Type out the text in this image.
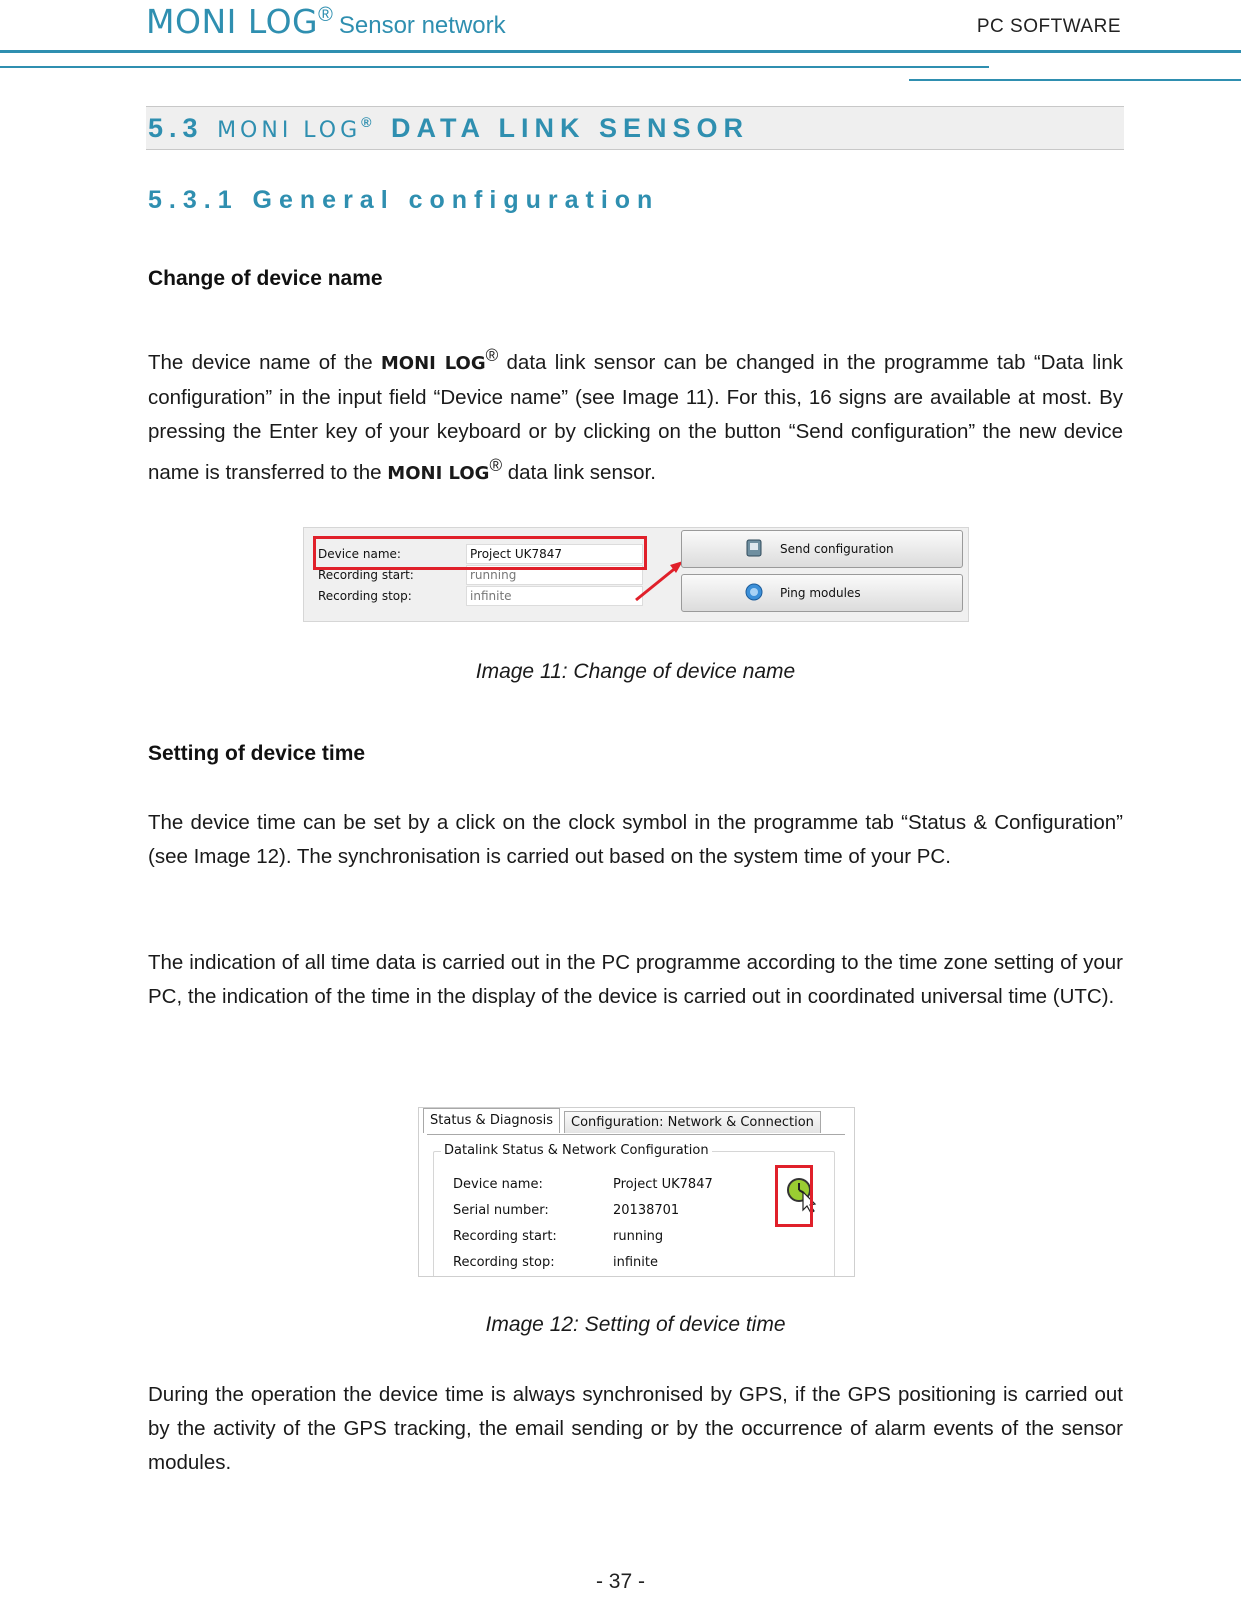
MONI LOG® Sensor network	PC SOFTWARE
5.3 MONI LOG® DATA LINK SENSOR
5.3.1 General configuration
Change of device name
The device name of the MONI LOG® data link sensor can be changed in the programme tab “Data link configuration” in the input field “Device name” (see Image 11). For this, 16 signs are available at most. By pressing the Enter key of your keyboard or by clicking on the button “Send configuration” the new device name is transferred to the MONI LOG® data link sensor.
Device name:	Project UK7847
Recording start:	running
Recording stop:	infinite
Send configuration
Ping modules
Image 11: Change of device name
Setting of device time
The device time can be set by a click on the clock symbol in the programme tab “Status & Configuration” (see Image 12). The synchronisation is carried out based on the system time of your PC.
The indication of all time data is carried out in the PC programme according to the time zone setting of your PC, the indication of the time in the display of the device is carried out in coordinated universal time (UTC).
Status & Diagnosis	Configuration: Network & Connection
Datalink Status & Network Configuration
Device name:	Project UK7847
Serial number:	20138701
Recording start:	running
Recording stop:	infinite
Image 12: Setting of device time
During the operation the device time is always synchronised by GPS, if the GPS positioning is carried out by the activity of the GPS tracking, the email sending or by the occurrence of alarm events of the sensor modules.
- 37 -
